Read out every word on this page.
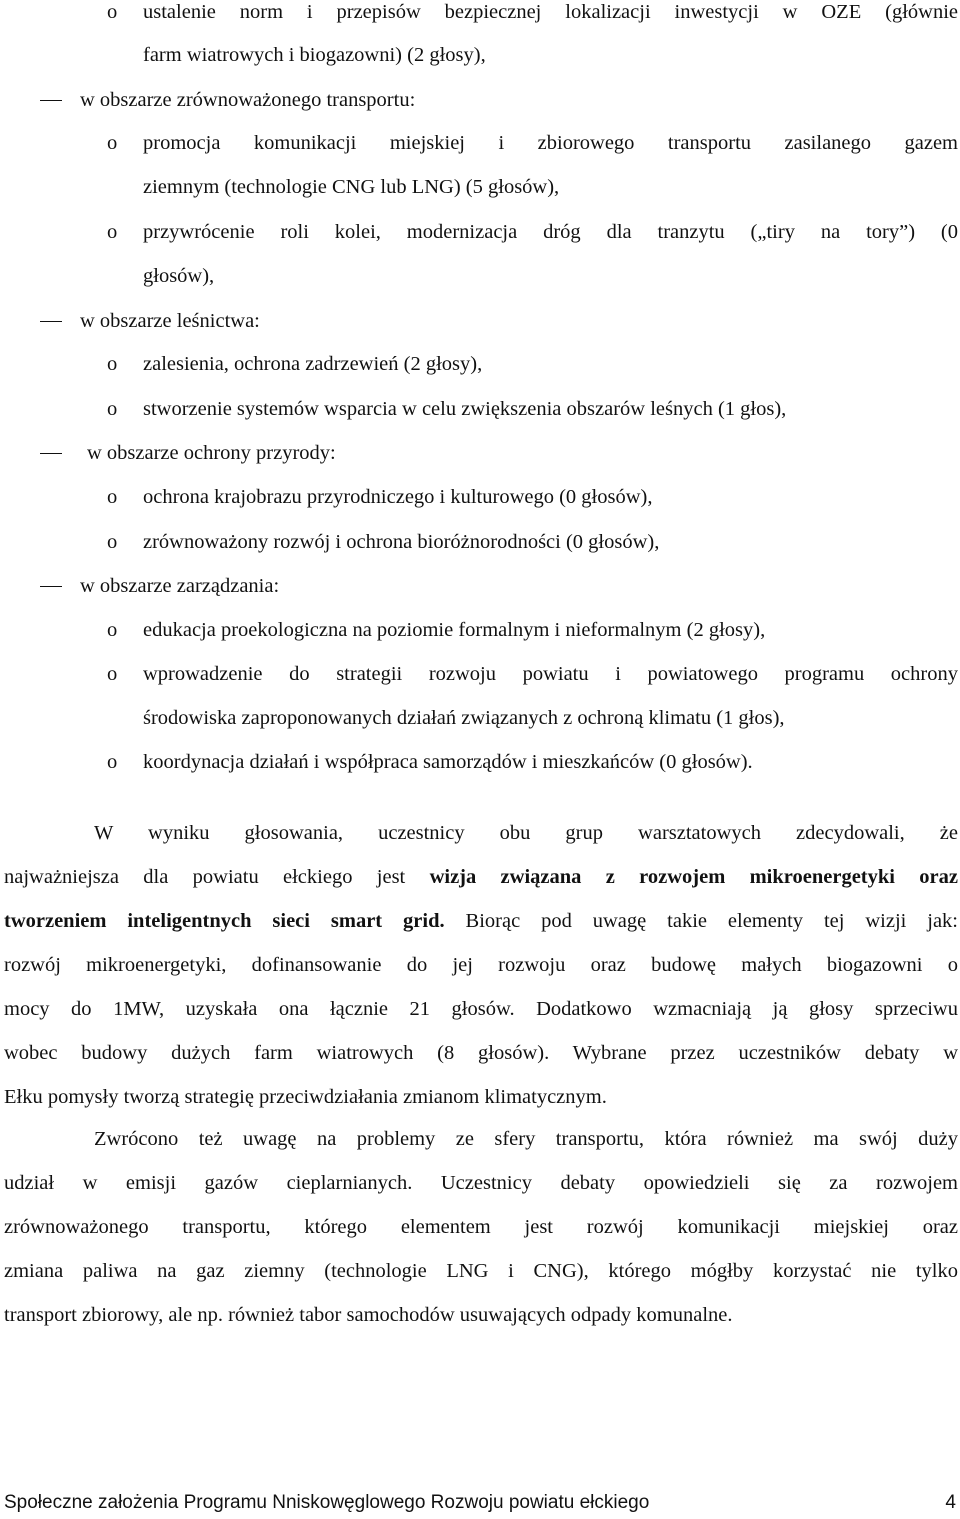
o ustalenie norm i przepisów bezpiecznej lokalizacji inwestycji w OZE (głównie
farm wiatrowych i biogazowni) (2 głosy),
w obszarze zrównoważonego transportu:
o promocja komunikacji miejskiej i zbiorowego transportu zasilanego gazem
ziemnym (technologie CNG lub LNG) (5 głosów),
o przywrócenie roli kolei, modernizacja dróg dla tranzytu („tiry na tory”) (0
głosów),
w obszarze leśnictwa:
o zalesienia, ochrona zadrzewień (2 głosy),
o stworzenie systemów wsparcia w celu zwiększenia obszarów leśnych (1 głos),
w obszarze ochrony przyrody:
o ochrona krajobrazu przyrodniczego i kulturowego (0 głosów),
o zrównoważony rozwój i ochrona bioróżnorodności (0 głosów),
w obszarze zarządzania:
o edukacja proekologiczna na poziomie formalnym i nieformalnym (2 głosy),
o wprowadzenie do strategii rozwoju powiatu i powiatowego programu ochrony
środowiska zaproponowanych działań związanych z ochroną klimatu (1 głos),
o koordynacja działań i współpraca samorządów i mieszkańców (0 głosów).
W wyniku głosowania, uczestnicy obu grup warsztatowych zdecydowali, że
najważniejsza dla powiatu ełckiego jest wizja związana z rozwojem mikroenergetyki oraz
tworzeniem inteligentnych sieci smart grid. Biorąc pod uwagę takie elementy tej wizji jak:
rozwój mikroenergetyki, dofinansowanie do jej rozwoju oraz budowę małych biogazowni o
mocy do 1MW, uzyskała ona łącznie 21 głosów. Dodatkowo wzmacniają ją głosy sprzeciwu
wobec budowy dużych farm wiatrowych (8 głosów). Wybrane przez uczestników debaty w
Ełku pomysły tworzą strategię przeciwdziałania zmianom klimatycznym.
Zwrócono też uwagę na problemy ze sfery transportu, która również ma swój duży
udział w emisji gazów cieplarnianych. Uczestnicy debaty opowiedzieli się za rozwojem
zrównoważonego transportu, którego elementem jest rozwój komunikacji miejskiej oraz
zmiana paliwa na gaz ziemny (technologie LNG i CNG), którego mógłby korzystać nie tylko
transport zbiorowy, ale np. również tabor samochodów usuwających odpady komunalne.
Społeczne założenia Programu Nniskowęglowego Rozwoju powiatu ełckiego	4
